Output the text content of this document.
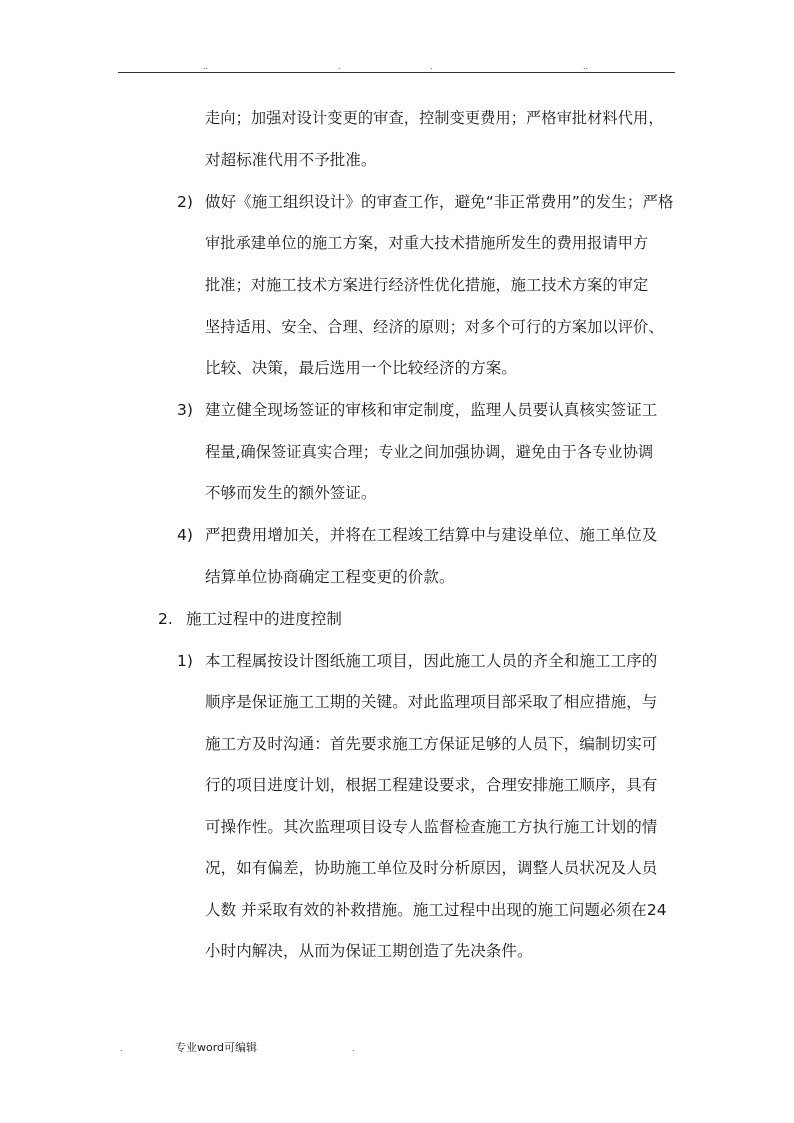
..	.	.	..
走向；加强对设计变更的审查，控制变更费用；严格审批材料代用，
对超标准代用不予批准。
2) 做好《施工组织设计》的审查工作，避免“非正常费用”的发生；严格
审批承建单位的施工方案，对重大技术措施所发生的费用报请甲方
批准；对施工技术方案进行经济性优化措施，施工技术方案的审定
坚持适用、安全、合理、经济的原则；对多个可行的方案加以评价、
比较、决策，最后选用一个比较经济的方案。
3) 建立健全现场签证的审核和审定制度，监理人员要认真核实签证工
程量,确保签证真实合理；专业之间加强协调，避免由于各专业协调
不够而发生的额外签证。
4) 严把费用增加关，并将在工程竣工结算中与建设单位、施工单位及
结算单位协商确定工程变更的价款。
2. 施工过程中的进度控制
1) 本工程属按设计图纸施工项目，因此施工人员的齐全和施工工序的
顺序是保证施工工期的关键。对此监理项目部采取了相应措施，与
施工方及时沟通：首先要求施工方保证足够的人员下，编制切实可
行的项目进度计划，根据工程建设要求，合理安排施工顺序，具有
可操作性。其次监理项目设专人监督检查施工方执行施工计划的情
况，如有偏差，协助施工单位及时分析原因，调整人员状况及人员
人数 并采取有效的补救措施。施工过程中出现的施工问题必须在24
小时内解决，从而为保证工期创造了先决条件。
.	专业word可编辑	.
